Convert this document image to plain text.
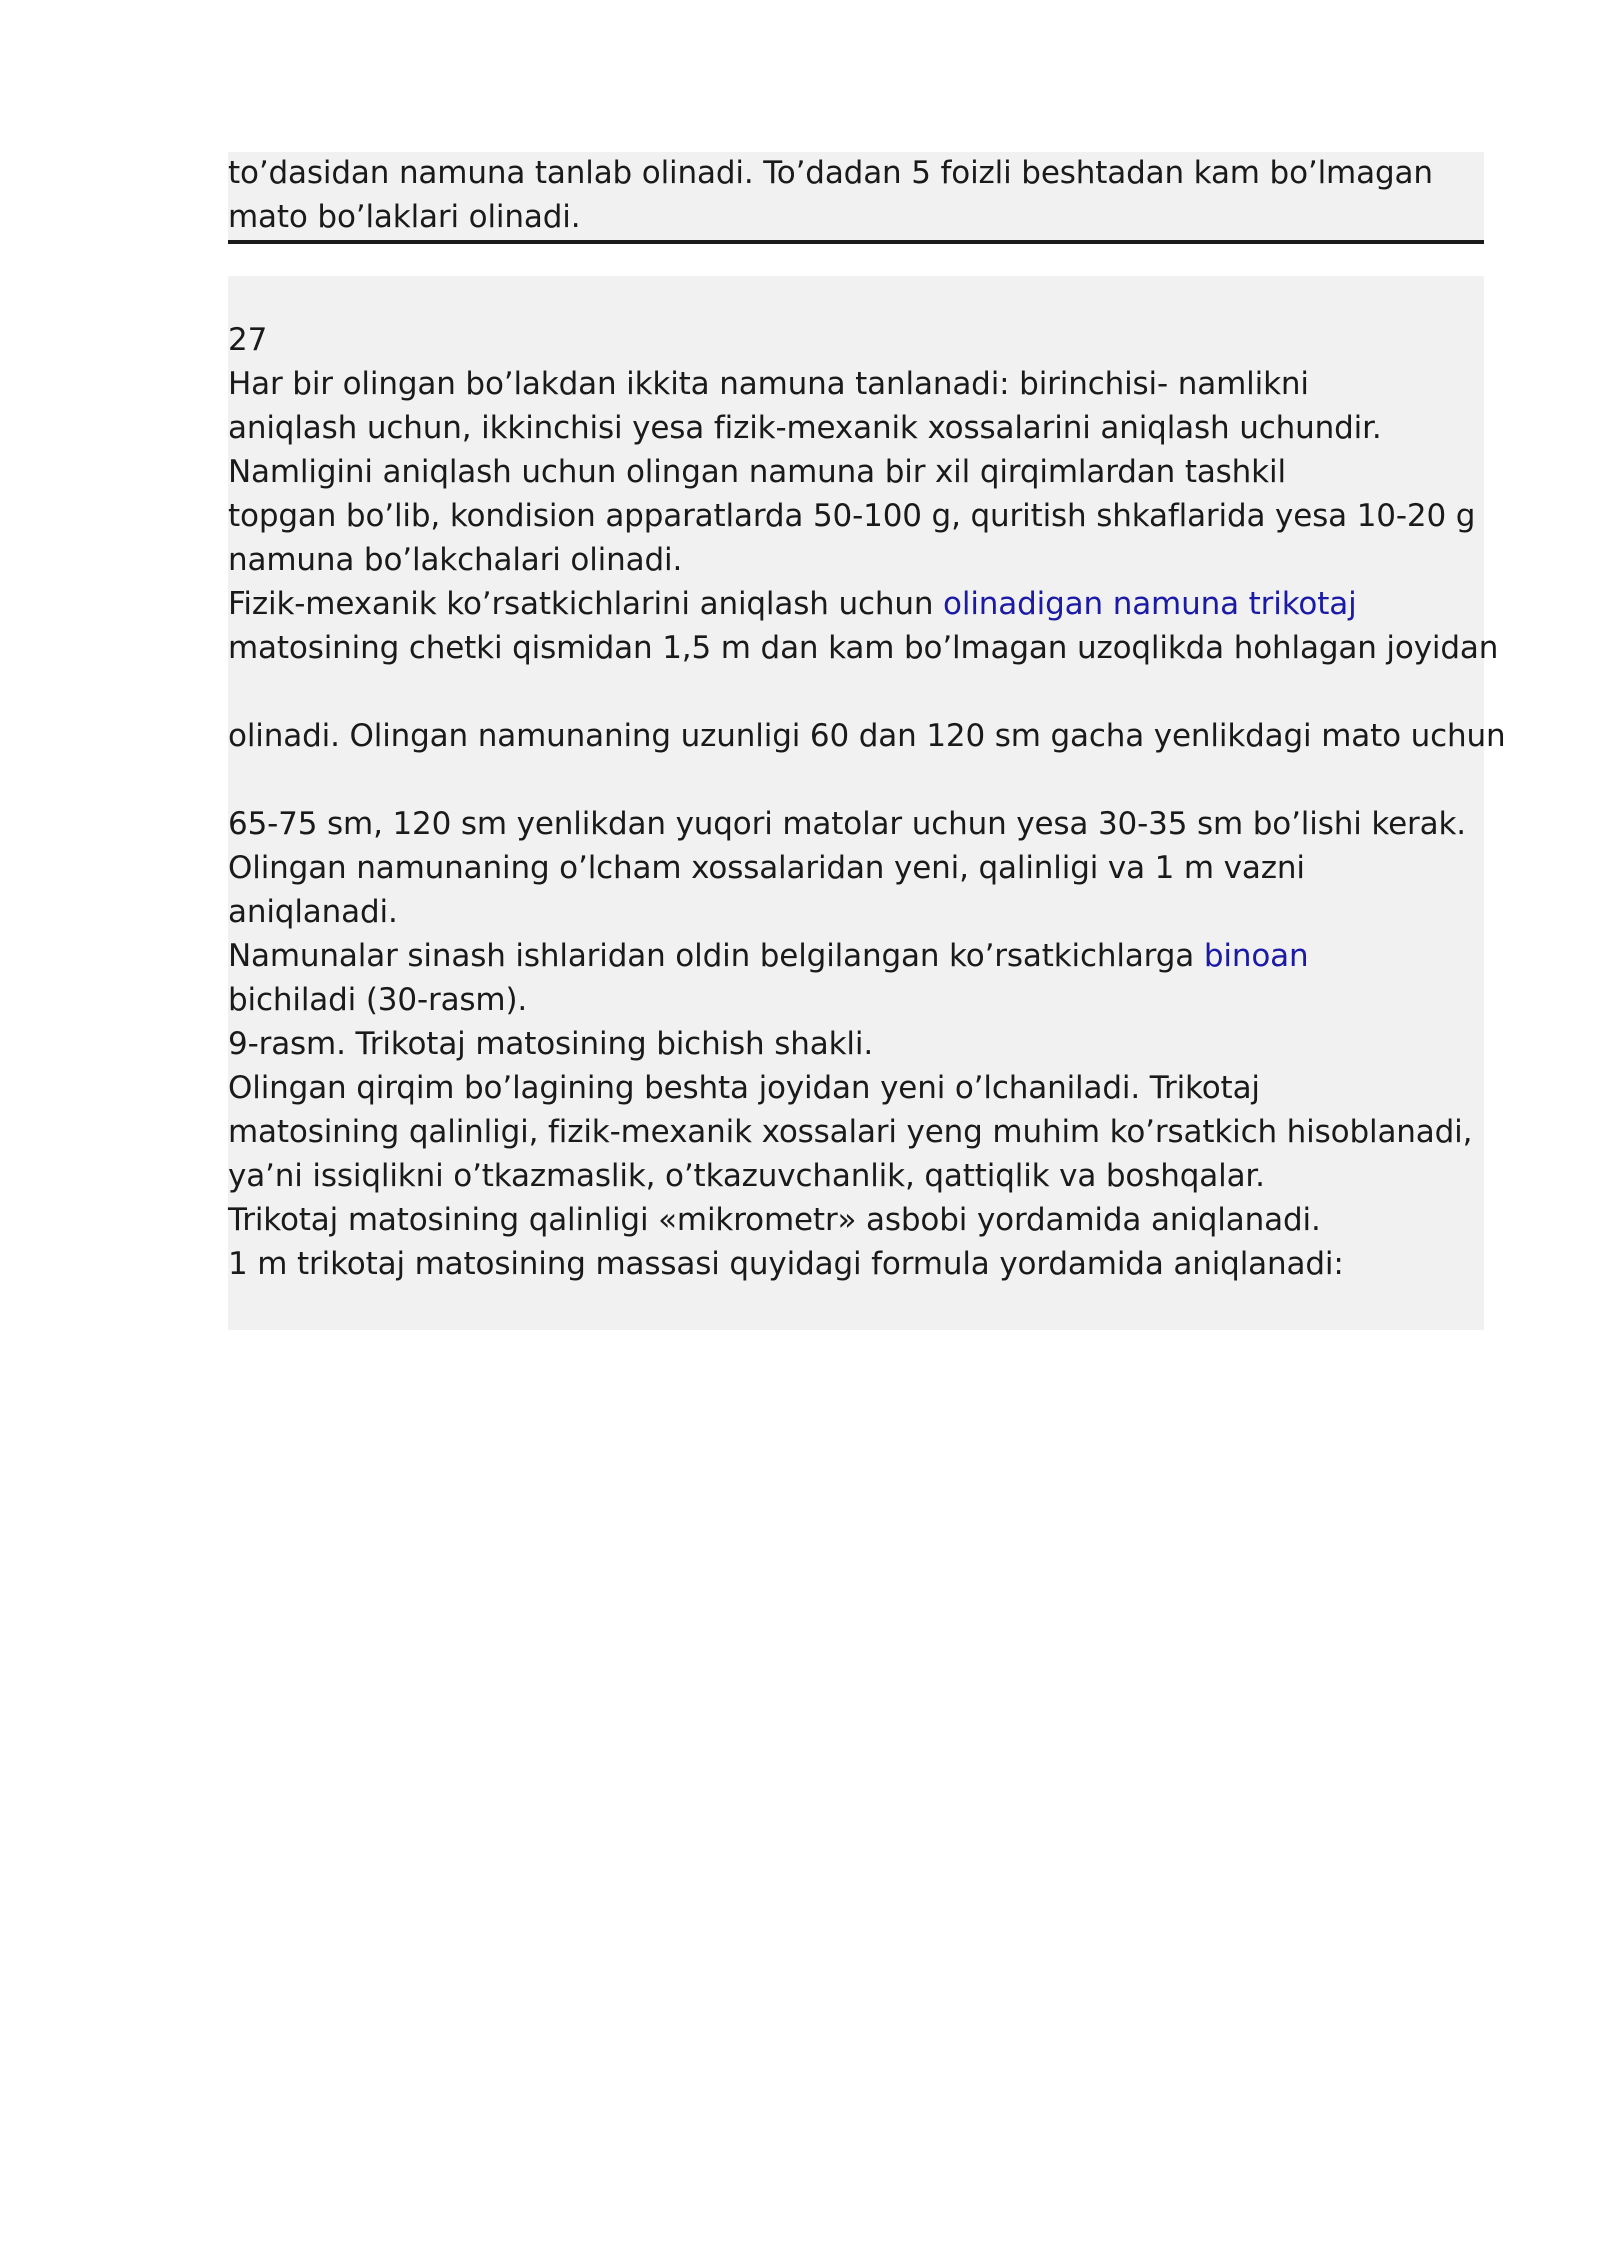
to’dasidan namuna tanlab olinadi. To’dadan 5 foizli beshtadan kam bo’lmagan
mato bo’laklari olinadi.
27
Har bir olingan bo’lakdan ikkita namuna tanlanadi: birinchisi- namlikni
aniqlash uchun, ikkinchisi yesa fizik-mexanik xossalarini aniqlash uchundir.
Namligini aniqlash uchun olingan namuna bir xil qirqimlardan tashkil
topgan bo’lib, kondision apparatlarda 50-100 g, quritish shkaflarida yesa 10-20 g
namuna bo’lakchalari olinadi.
Fizik-mexanik ko’rsatkichlarini aniqlash uchun olinadigan namuna trikotaj
matosining chetki qismidan 1,5 m dan kam bo’lmagan uzoqlikda hohlagan joyidan
olinadi. Olingan namunaning uzunligi 60 dan 120 sm gacha yenlikdagi mato uchun
65-75 sm, 120 sm yenlikdan yuqori matolar uchun yesa 30-35 sm bo’lishi kerak.
Olingan namunaning o’lcham xossalaridan yeni, qalinligi va 1 m vazni
aniqlanadi.
Namunalar sinash ishlaridan oldin belgilangan ko’rsatkichlarga binoan
bichiladi (30-rasm).
9-rasm. Trikotaj matosining bichish shakli.
Olingan qirqim bo’lagining beshta joyidan yeni o’lchaniladi. Trikotaj
matosining qalinligi, fizik-mexanik xossalari yeng muhim ko’rsatkich hisoblanadi,
ya’ni issiqlikni o’tkazmaslik, o’tkazuvchanlik, qattiqlik va boshqalar.
Trikotaj matosining qalinligi «mikrometr» asbobi yordamida aniqlanadi.
1 m trikotaj matosining massasi quyidagi formula yordamida aniqlanadi:
